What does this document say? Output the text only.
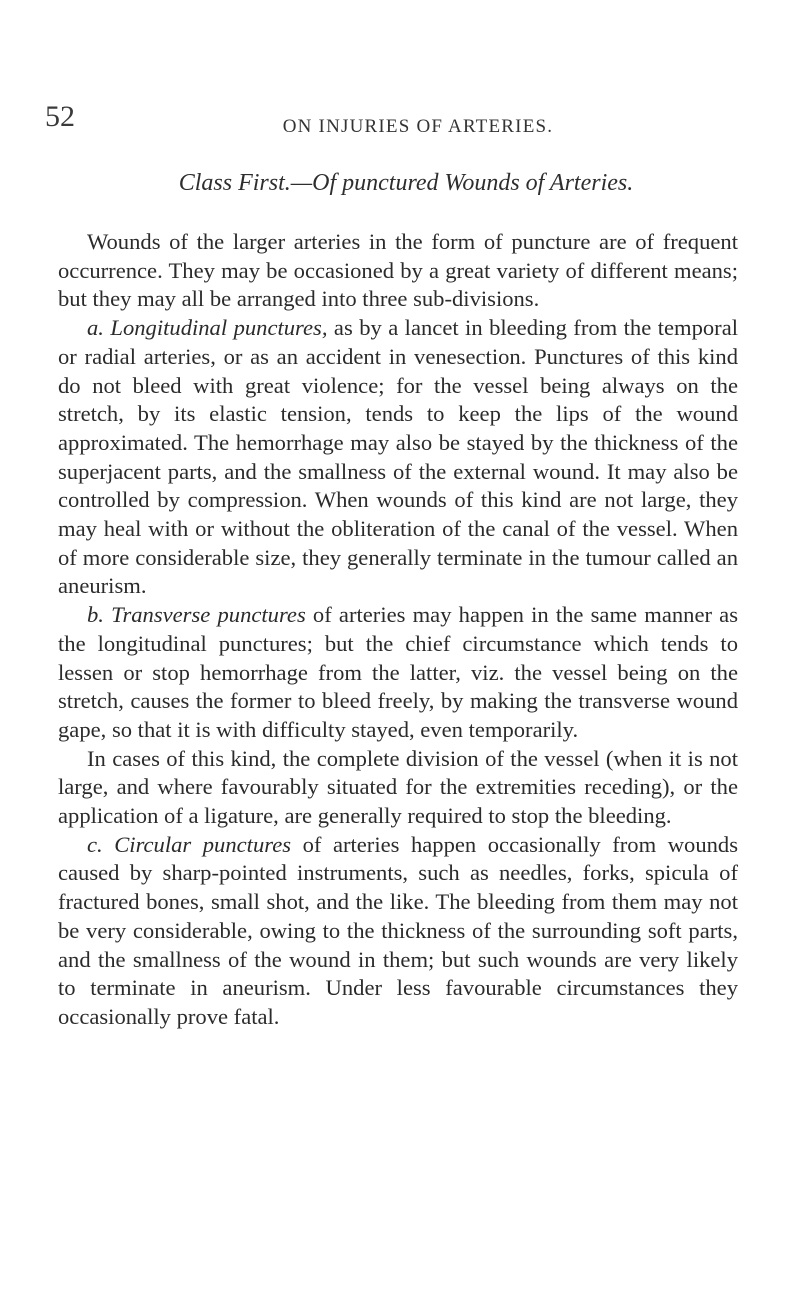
52	ON INJURIES OF ARTERIES.
Class First.—Of punctured Wounds of Arteries.

Wounds of the larger arteries in the form of puncture are of frequent occurrence. They may be occasioned by a great variety of different means; but they may all be arranged into three sub-divisions.

a. Longitudinal punctures, as by a lancet in bleeding from the temporal or radial arteries, or as an accident in venesection. Punctures of this kind do not bleed with great violence; for the vessel being always on the stretch, by its elastic tension, tends to keep the lips of the wound approximated. The hemorrhage may also be stayed by the thickness of the superjacent parts, and the smallness of the external wound. It may also be controlled by compression. When wounds of this kind are not large, they may heal with or without the obliteration of the canal of the vessel. When of more considerable size, they generally terminate in the tumour called an aneurism.

b. Transverse punctures of arteries may happen in the same manner as the longitudinal punctures; but the chief circumstance which tends to lessen or stop hemorrhage from the latter, viz. the vessel being on the stretch, causes the former to bleed freely, by making the transverse wound gape, so that it is with difficulty stayed, even temporarily.

In cases of this kind, the complete division of the vessel (when it is not large, and where favourably situated for the extremities receding), or the application of a ligature, are generally required to stop the bleeding.

c. Circular punctures of arteries happen occasionally from wounds caused by sharp-pointed instruments, such as needles, forks, spicula of fractured bones, small shot, and the like. The bleeding from them may not be very considerable, owing to the thickness of the surrounding soft parts, and the smallness of the wound in them; but such wounds are very likely to terminate in aneurism. Under less favourable circumstances they occasionally prove fatal.
